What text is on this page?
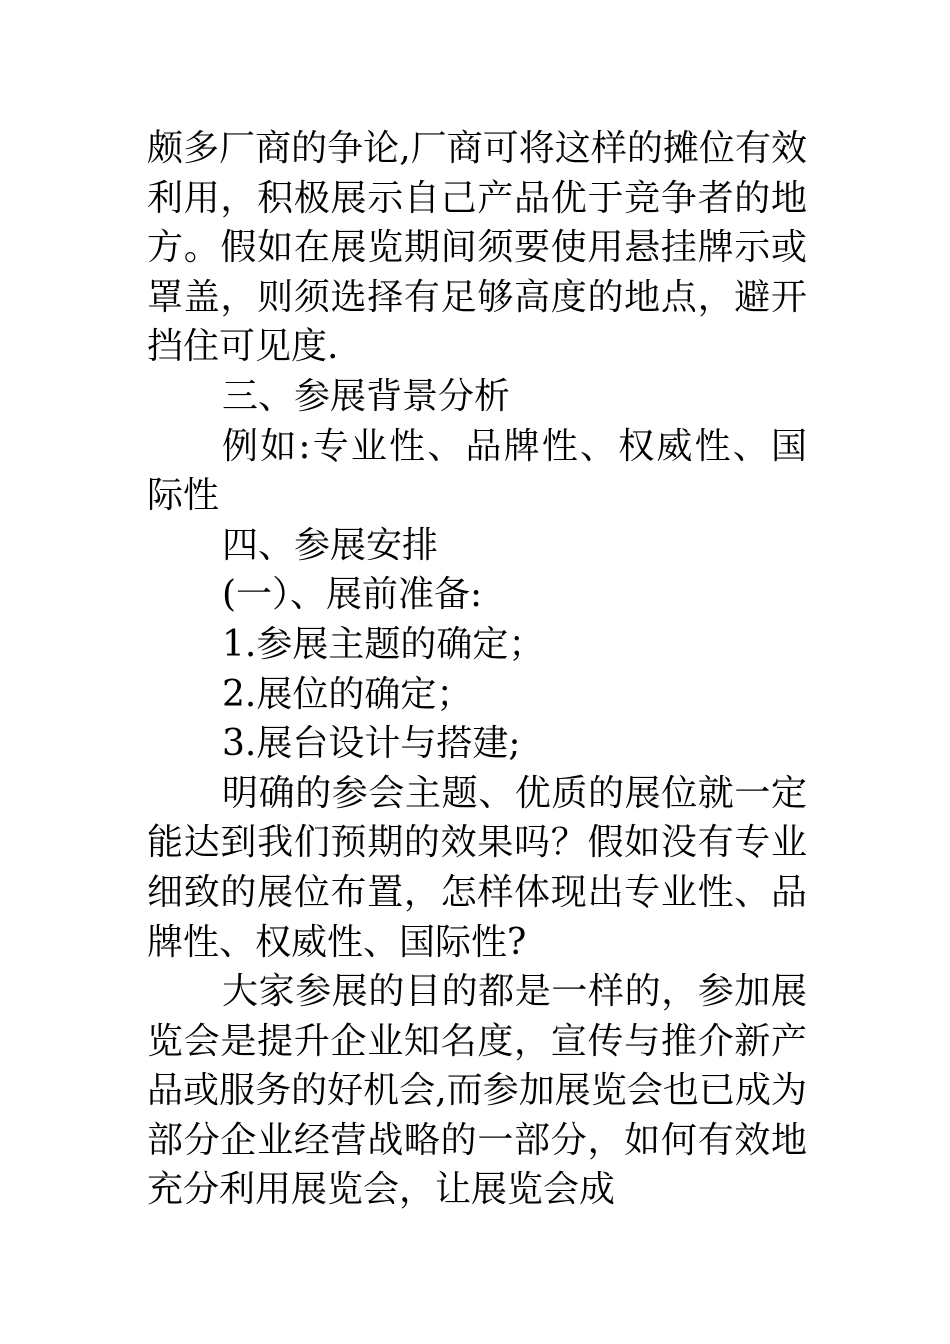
颇多厂商的争论,厂商可将这样的摊位有效利用，积极展示自己产品优于竞争者的地方。假如在展览期间须要使用悬挂牌示或罩盖，则须选择有足够高度的地点，避开挡住可见度.

三、参展背景分析

例如:专业性、品牌性、权威性、国际性

四、参展安排

(一）、展前准备:

1.参展主题的确定；

2.展位的确定；

3.展台设计与搭建;

明确的参会主题、优质的展位就一定能达到我们预期的效果吗？假如没有专业细致的展位布置，怎样体现出专业性、品牌性、权威性、国际性?

大家参展的目的都是一样的，参加展览会是提升企业知名度，宣传与推介新产品或服务的好机会,而参加展览会也已成为部分企业经营战略的一部分，如何有效地充分利用展览会，让展览会成
